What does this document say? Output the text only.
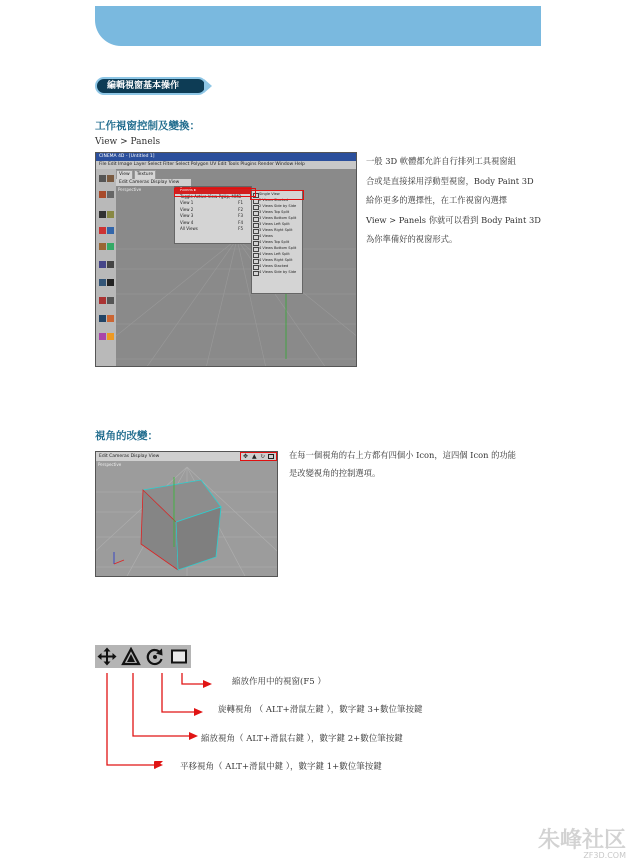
編輯視窗基本操作
工作視窗控制及變換：
View > Panels
CINEMA 4D - [Untitled 1]
File Edit Image Layer Select Filter Select Polygon UV Edit Tools Plugins Render Window Help
View Texture
Edit Cameras Display View
Perspective	Panels ▸
Toggle Active View PgUp, MMB
View 1	F1
View 2	F2
View 3	F3
View 4	F4
All Views	F5
Single View
2 Views Stacked
2 Views Side by Side
3 Views Top Split
3 Views Bottom Split
3 Views Left Split
3 Views Right Split
4 Views
4 Views Top Split
4 Views Bottom Split
4 Views Left Split
4 Views Right Split
4 Views Stacked
4 Views Side by Side
一般 3D 軟體都允許自行排列工具視窗組
合或是直接採用浮動型視窗，Body Paint 3D
給你更多的選擇性，在工作視窗內選擇
View > Panels 你就可以看到 Body Paint 3D
為你準備好的視窗形式。
視角的改變：
Edit Cameras Display View
Perspective
✥ ▲ ↻	在每一個視角的右上方都有四個小 Icon，這四個 Icon 的功能
是改變視角的控制選項。
縮放作用中的視窗(F5 ）
旋轉視角 （ ALT+滑鼠左鍵 ），數字鍵 3+數位筆按鍵
縮放視角（ ALT+滑鼠右鍵 ），數字鍵 2+數位筆按鍵
平移視角（ ALT+滑鼠中鍵 ），數字鍵 1+數位筆按鍵
朱峰社区
ZF3D.COM
